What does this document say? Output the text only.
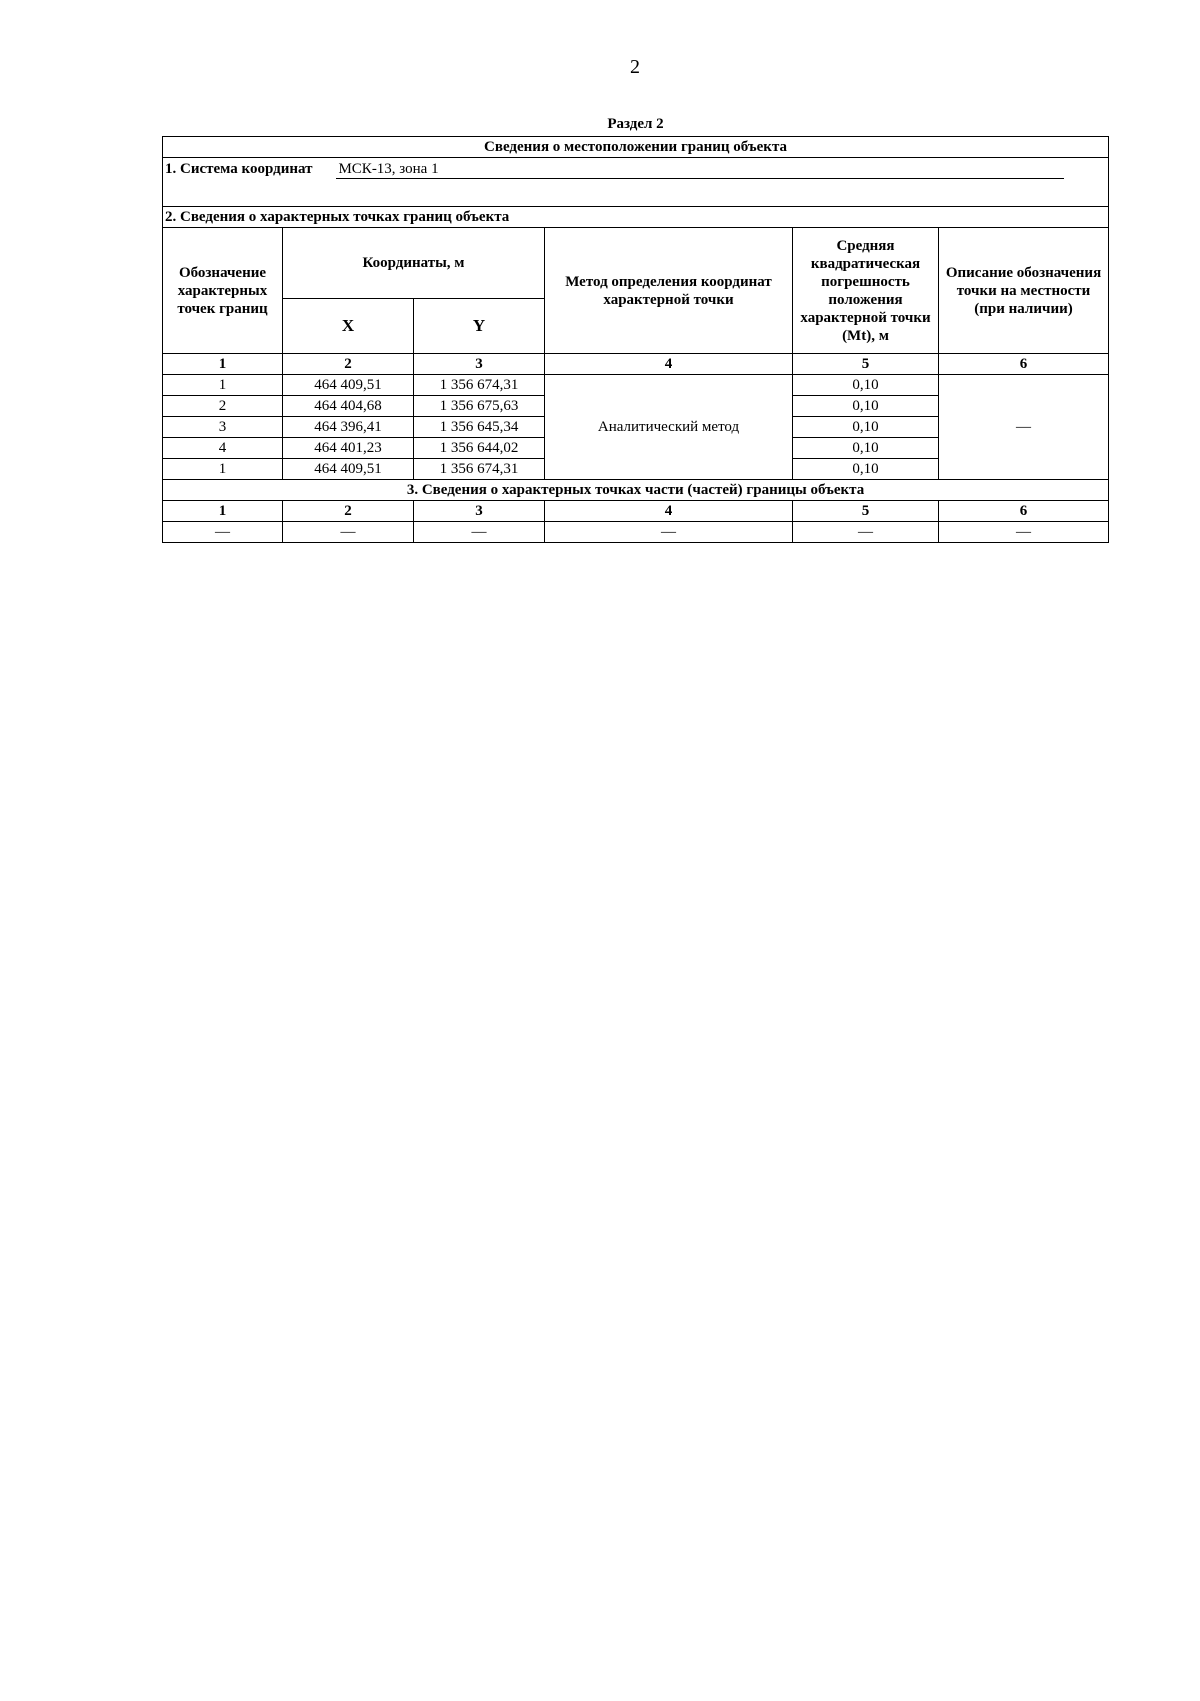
2
Раздел 2
Сведения о местоположении границ объекта					
1. Система координат МСК-13, зона 1					
2. Сведения о характерных точках границ объекта					
Обозначение характерных точек границ	Координаты, м		Метод определения координат характерной точки	Средняя квадратическая погрешность положения характерной точки (Mt), м	Описание обозначения точки на местности (при наличии)
	X	Y			
1	2	3	4	5	6
1	464 409,51	1 356 674,31	Аналитический метод	0,10	—
2	464 404,68	1 356 675,63		0,10	
3	464 396,41	1 356 645,34		0,10	
4	464 401,23	1 356 644,02		0,10	
1	464 409,51	1 356 674,31		0,10	
3. Сведения о характерных точках части (частей) границы объекта					
1	2	3	4	5	6
—	—	—	—	—	—
